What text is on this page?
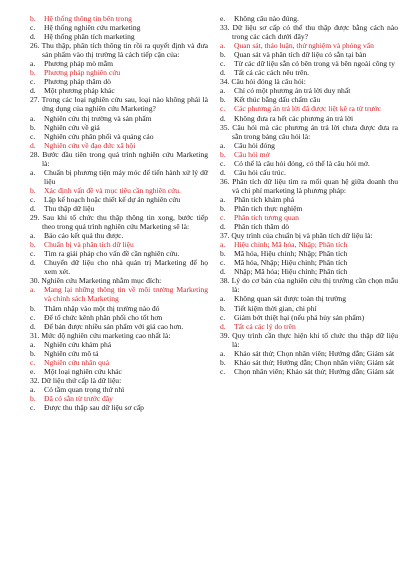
b.	Hệ thống thông tin bên trong
c.	Hệ thống nghiên cứu marketing
d.	Hệ thống phân tích marketing
26. Thu thập, phân tích thông tin rồi ra quyết định và đưa sản phẩm vào thị trường là cách tiếp cận của:
a.	Phương pháp mò mẫm
b.	Phương pháp nghiên cứu
c.	Phương pháp thăm dò
d.	Một phương pháp khác
27. Trong các loại nghiên cứu sau, loại nào không phải là ứng dụng của nghiên cứu Marketing?
a.	Nghiên cứu thị trường và sản phẩm
b.	Nghiên cứu về giá
c.	Nghiên cứu phân phối và quảng cáo
d.	Nghiên cứu về đạo đức xã hội
28. Bước đầu tiên trong quá trình nghiên cứu Marketing là:
a.	Chuẩn bị phương tiện máy móc để tiến hành xử lý dữ liệu
b.	Xác định vấn đề và mục tiêu cần nghiên cứu.
c.	Lập kế hoạch hoặc thiết kế dự án nghiên cứu
d.	Thu thập dữ liệu
29. Sau khi tổ chức thu thập thông tin xong, bước tiếp theo trong quá trình nghiên cứu Marketing sẽ là:
a.	Báo cáo kết quả thu được.
b.	Chuẩn bị và phân tích dữ liệu
c.	Tìm ra giải pháp cho vấn đề cần nghiên cứu.
d.	Chuyển dữ liệu cho nhà quản trị Marketing để họ xem xét.
30. Nghiên cứu Marketing nhằm mục đích:
a.	Mang lại những thông tin về môi trường Marketing và chính sách Marketing
b.	Thâm nhập vào một thị trường nào đó
c.	Để tổ chức kênh phân phối cho tốt hơn
d.	Để bán được nhiều sản phẩm với giá cao hơn.
31. Mức độ nghiên cứu marketing cao nhất là:
a.	Nghiên cứu khám phá
b.	Nghiên cứu mô tả
c.	Nghiên cứu nhân quả
e.	Một loại nghiên cứu khác
32. Dữ liệu thứ cấp là dữ liệu:
a.	Có tầm quan trọng thứ nhì
b.	Đã có sẵn từ trước đây
c.	Được thu thập sau dữ liệu sơ cấp
e.	Không câu nào đúng.
33. Dữ liệu sơ cấp có thể thu thập được bằng cách nào trong các cách dưới đây?
a.	Quan sát, thảo luận, thử nghiệm và phỏng vấn
b.	Quan sát và phân tích dữ liệu có sẵn tại bàn
c.	Từ các dữ liệu sẵn có bên trong và bên ngoài công ty
d.	Tất cả các cách nêu trên.
34. Câu hỏi đóng là câu hỏi:
a.	Chỉ có một phương án trả lời duy nhất
b.	Kết thúc bằng dấu chấm câu
c.	Các phương án trả lời đã được liệt kê ra từ trước
d.	Không đưa ra hết các phương án trả lời
35. Câu hỏi mà các phương án trả lời chưa được đưa ra sẵn trong bảng câu hỏi là:
a.	Câu hỏi đóng
b.	Câu hỏi mở
c.	Có thể là câu hỏi đóng, có thể là câu hỏi mở.
d.	Câu hỏi cấu trúc.
36. Phân tích dữ liệu tìm ra mối quan hệ giữa doanh thu và chi phí marketing là phương pháp:
a.	Phân tích khám phá
b.	Phân tích thực nghiệm
c.	Phân tích tương quan
d.	Phân tích thăm dò
37. Quy trình của chuẩn bị và phân tích dữ liệu là:
a.	Hiệu chỉnh; Mã hóa, Nhập; Phân tích
b.	Mã hóa, Hiệu chỉnh; Nhập; Phân tích
c.	Mã hóa, Nhập; Hiệu chỉnh; Phân tích
d.	Nhập; Mã hóa; Hiệu chỉnh; Phân tích
38. Lý do cơ bản của nghiên cứu thị trường cần chọn mẫu là:
a.	Không quan sát được toàn thị trường
b.	Tiết kiệm thời gian, chi phí
c.	Giảm bớt thiệt hại (nếu phá hủy sản phẩm)
d.	Tất cả các lý do trên
39. Quy trình cần thực hiện khi tổ chức thu thập dữ liệu là:
a.	Khảo sát thử; Chọn nhân viên; Hướng dẫn; Giám sát
b.	Khảo sát thử; Hướng dẫn; Chọn nhân viên; Giám sát
c.	Chọn nhân viên; Khảo sát thử; Hướng dẫn; Giám sát
